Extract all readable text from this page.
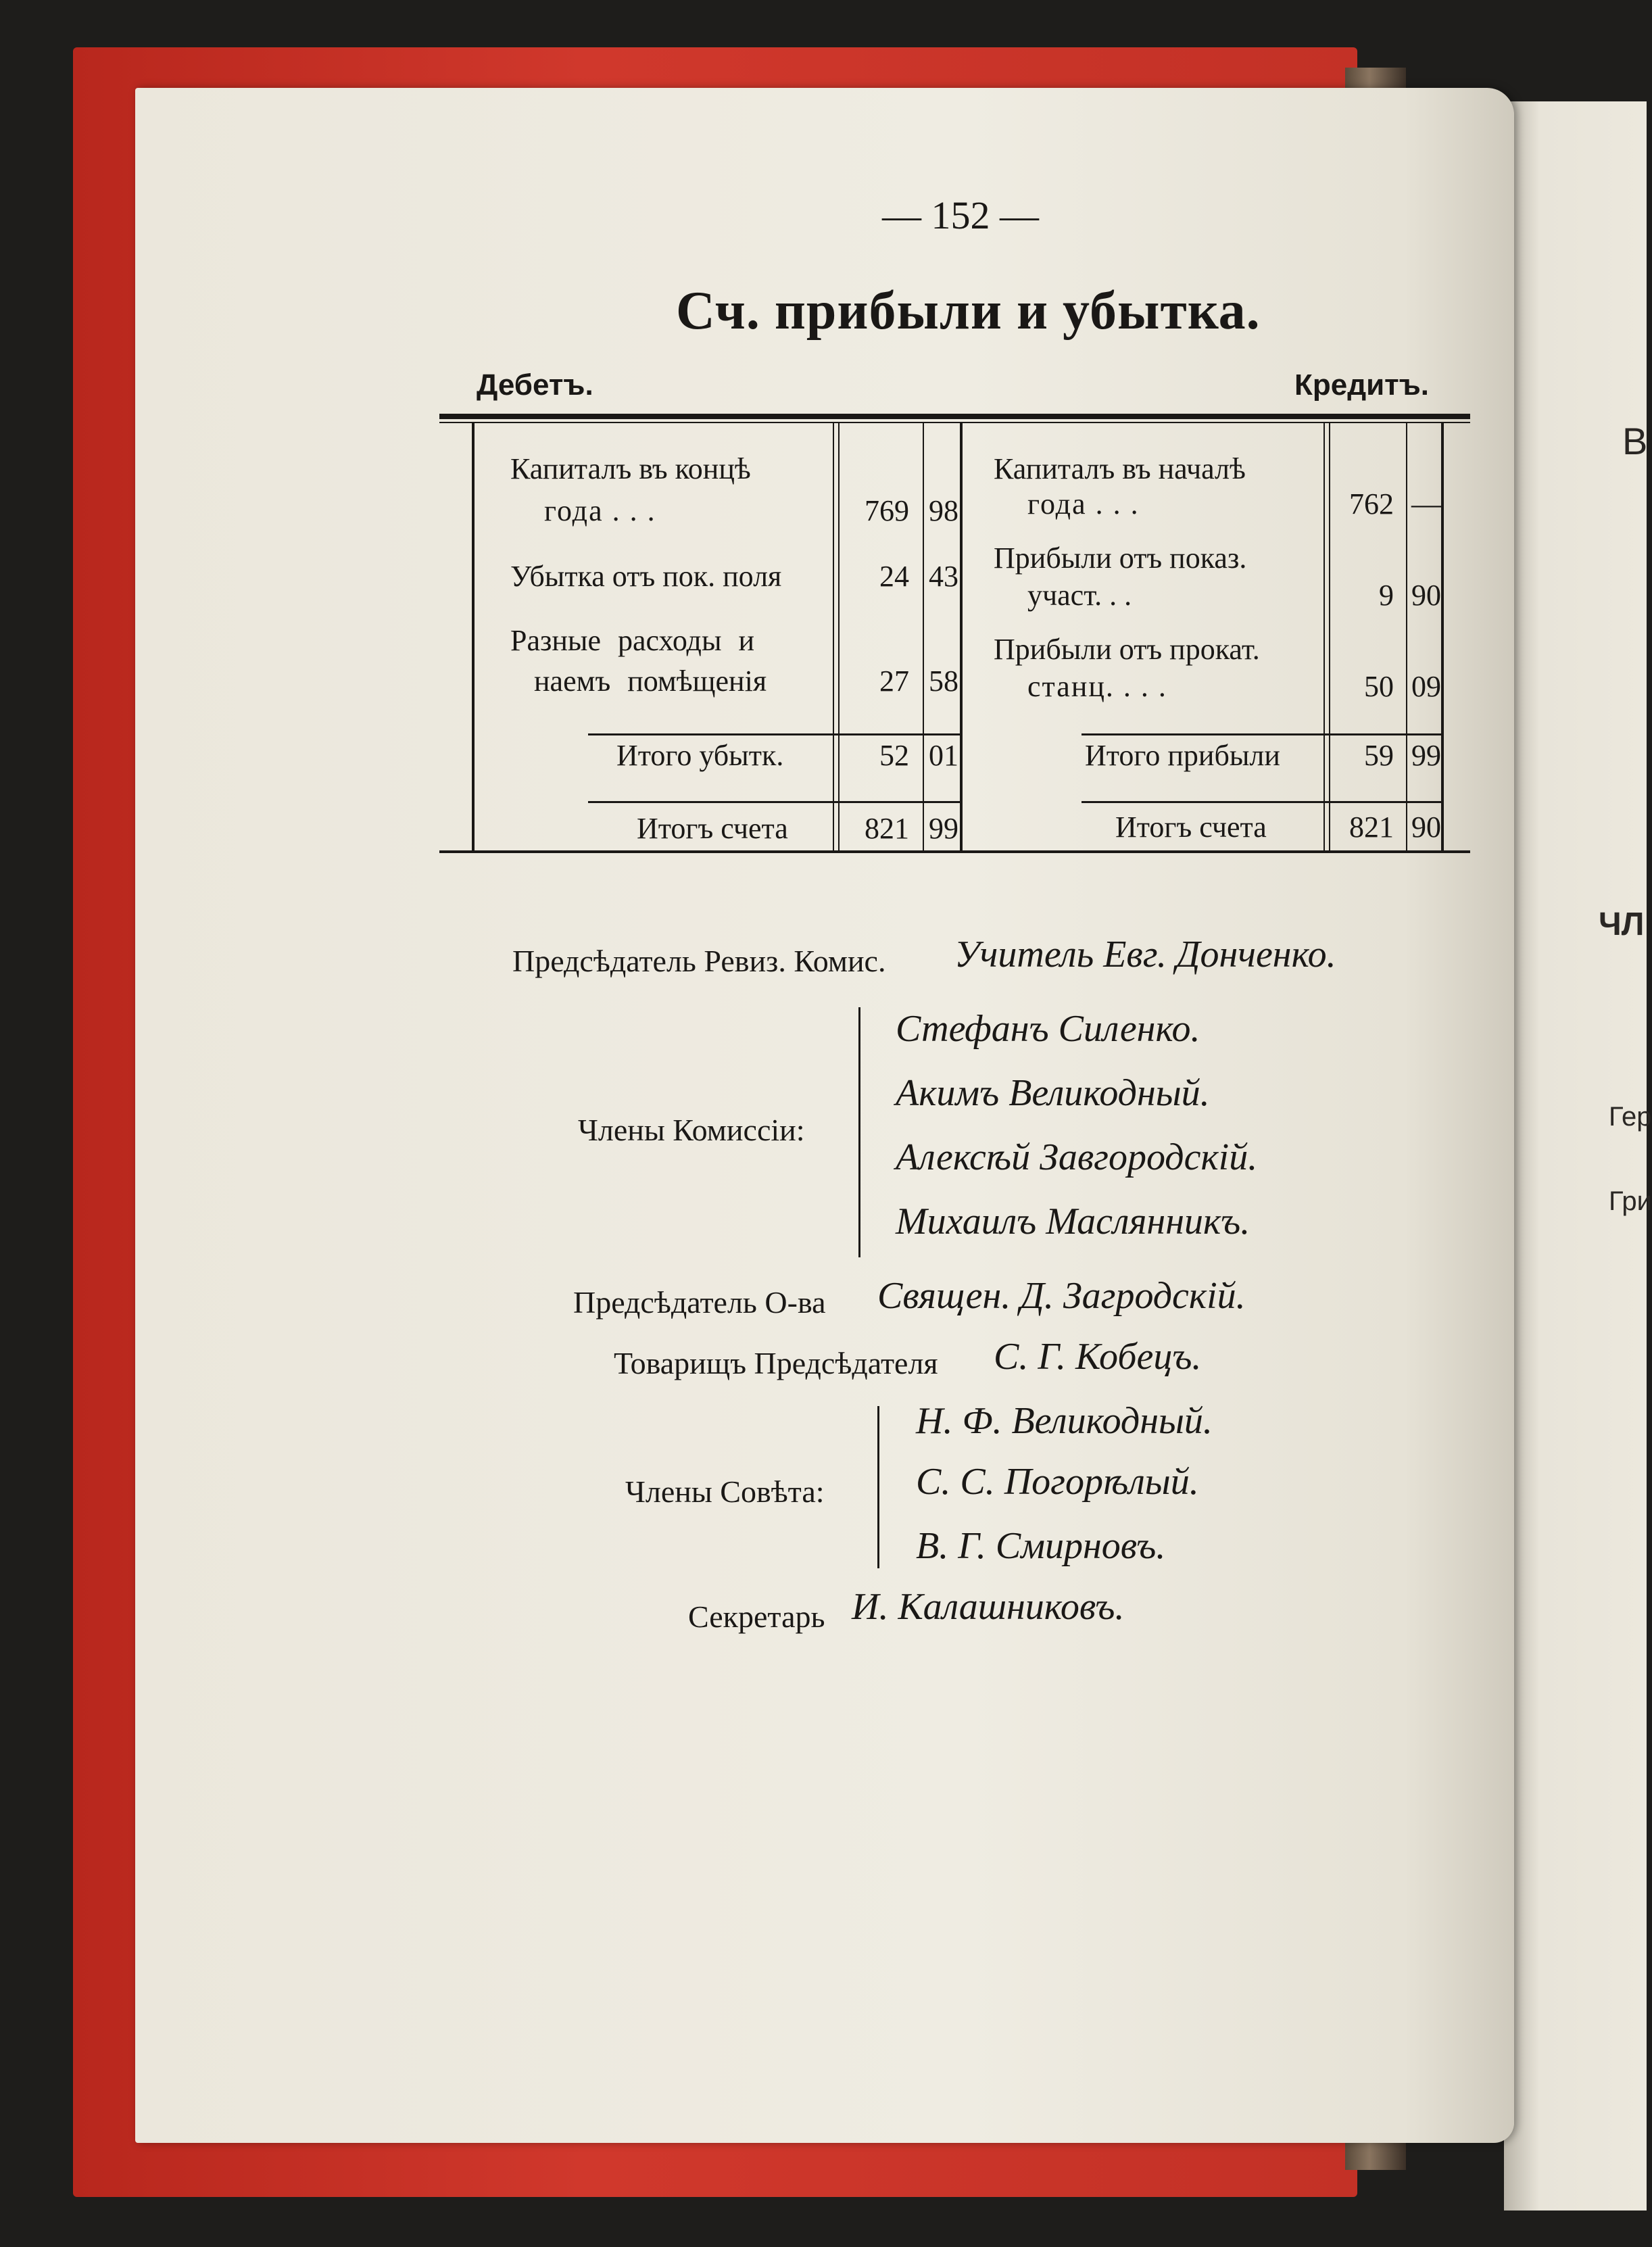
В
ЧЛ
Гер
Гри
— 152 —
Сч. прибыли и убытка.
Дебетъ.	Кредитъ.
Капиталъ въ концѣ
года . . .	769 98
Убытка отъ пок. поля	24 43
Разные расходы и
наемъ помѣщенія	27 58
Итого убытк.	52 01
Итогъ счета	821 99
Капиталъ въ началѣ
года . . .	762 —
Прибыли отъ показ.
участ. . .	9 90
Прибыли отъ прокат.
станц. . . .	50 09
Итого прибыли	59 99
Итогъ счета	821 90
Предсѣдатель Ревиз. Комис. Учитель Евг. Донченко.
Члены Комиссіи:
Стефанъ Силенко.
Акимъ Великодный.
Алексѣй Завгородскій.
Михаилъ Маслянникъ.
Предсѣдатель О-ва Священ. Д. Загродскій.
Товарищъ Предсѣдателя С. Г. Кобецъ.
Члены Совѣта:
Н. Ф. Великодный.
С. С. Погорѣлый.
В. Г. Смирновъ.
Секретарь И. Калашниковъ.
